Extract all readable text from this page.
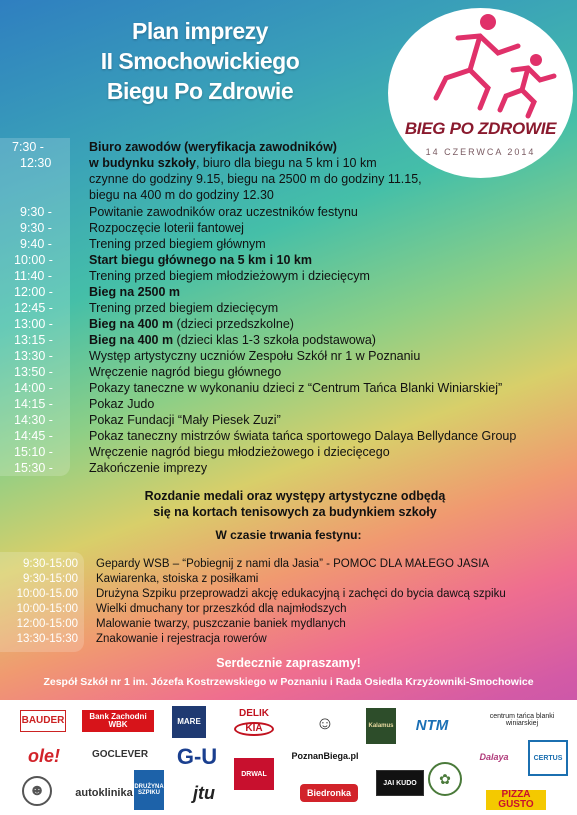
Plan imprezy
II Smochowickiego
Biegu Po Zdrowie
BIEG PO ZDROWIE
14 CZERWCA 2014
7:30 -	Biuro zawodów (weryfikacja zawodników)
12:30	w budynku szkoły, biuro dla biegu na 5 km i 10 km
czynne do godziny 9.15, biegu na 2500 m do godziny 11.15,
biegu na 400 m do godziny 12.30
9:30 -	Powitanie zawodników oraz uczestników festynu
9:30 -	Rozpoczęcie loterii fantowej
9:40 -	Trening przed biegiem głównym
10:00 -	Start biegu głównego na 5 km i 10 km
11:40 -	Trening przed biegiem młodzieżowym i dziecięcym
12:00 -	Bieg na 2500 m
12:45 -	Trening przed biegiem dziecięcym
13:00 -	Bieg na 400 m (dzieci przedszkolne)
13:15 -	Bieg na 400 m (dzieci klas 1-3 szkoła podstawowa)
13:30 -	Występ artystyczny uczniów Zespołu Szkół nr 1 w Poznaniu
13:50 -	Wręczenie nagród biegu głównego
14:00 -	Pokazy taneczne w wykonaniu dzieci z “Centrum Tańca Blanki Winiarskiej”
14:15 -	Pokaz Judo
14:30 -	Pokaz Fundacji “Mały Piesek Zuzi”
14:45 -	Pokaz taneczny mistrzów świata tańca sportowego Dalaya Bellydance Group
15:10 -	Wręczenie nagród biegu młodzieżowego i dziecięcego
15:30 -	Zakończenie imprezy
Rozdanie medali oraz występy artystyczne odbędą
się na kortach tenisowych za budynkiem szkoły
W czasie trwania festynu:
9:30-15:00 Gepardy WSB – “Pobiegnij z nami dla Jasia” - POMOC DLA MAŁEGO JASIA
9:30-15:00 Kawiarenka, stoiska z posiłkami
10:00-15.00 Drużyna Szpiku przeprowadzi akcję edukacyjną i zachęci do bycia dawcą szpiku
10:00-15:00 Wielki dmuchany tor przeszkód dla najmłodszych
12:00-15:00 Malowanie twarzy, puszczanie baniek mydlanych
13:30-15:30 Znakowanie i rejestracja rowerów
Serdecznie zapraszamy!
Zespół Szkół nr 1 im. Józefa Kostrzewskiego w Poznaniu i Rada Osiedla Krzyżowniki-Smochowice
BAUDER	Bank Zachodni WBK	MARE
DELIK
KIA	☺	Kalamus	NTM	centrum tańca blanki winiarskiej
ole!	GOCLEVER	G-U
DRWAL
PoznanBiega.pl
JAI KUDO
Dalaya	CERTUS
☻	autoklinika DRUŻYNA SZPIKU	jtu	Biedronka
✿
PIZZA GUSTO
